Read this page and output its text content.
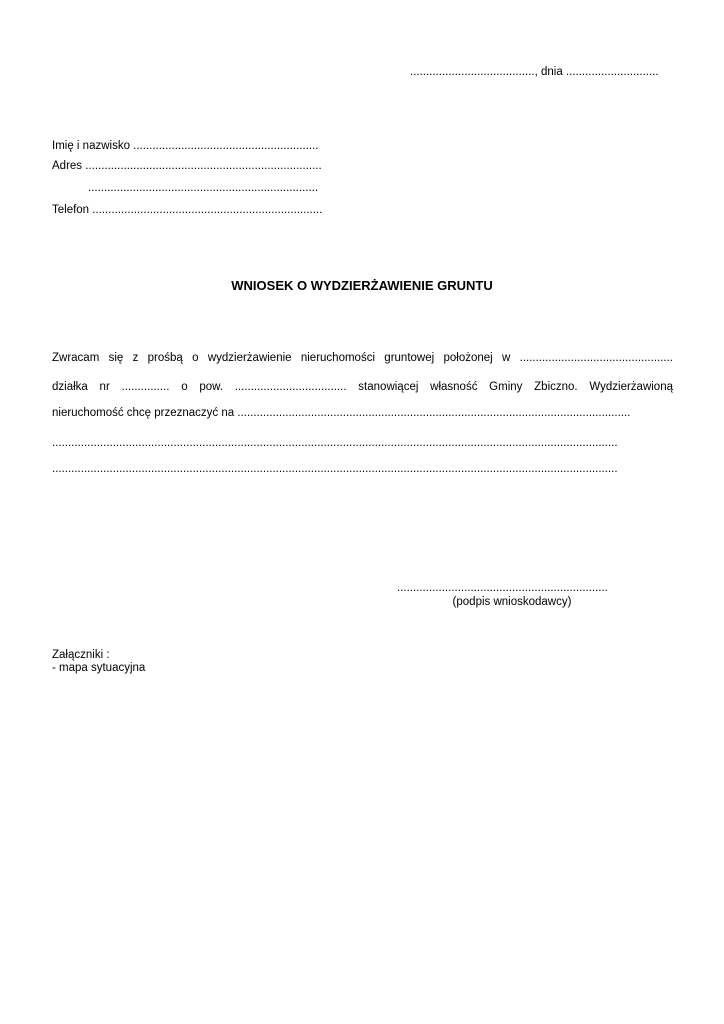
......................................., dnia .............................
Imię i nazwisko ..........................................................
Adres ..........................................................................
........................................................................
Telefon ........................................................................
WNIOSEK O WYDZIERŻAWIENIE GRUNTU
Zwracam się z prośbą o wydzierżawienie nieruchomości gruntowej położonej w ................................................
działka nr ............... o pow. ................................... stanowiącej własność Gminy Zbiczno. Wydzierżawioną
nieruchomość chcę przeznaczyć na ...........................................................................................................................
.................................................................................................................................................................................
.................................................................................................................................................................................
..................................................................
(podpis wnioskodawcy)
Załączniki :
- mapa sytuacyjna
